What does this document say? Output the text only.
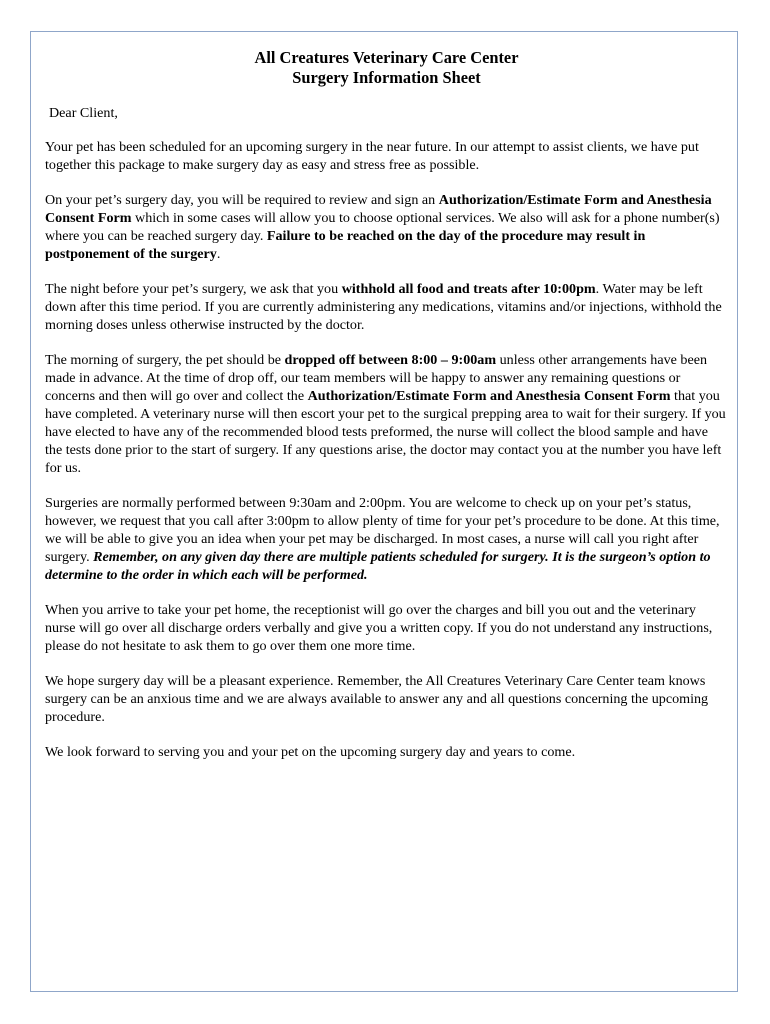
All Creatures Veterinary Care Center
Surgery Information Sheet

Dear Client,

Your pet has been scheduled for an upcoming surgery in the near future. In our attempt to assist clients, we have put together this package to make surgery day as easy and stress free as possible.

On your pet’s surgery day, you will be required to review and sign an Authorization/Estimate Form and Anesthesia Consent Form which in some cases will allow you to choose optional services. We also will ask for a phone number(s) where you can be reached surgery day. Failure to be reached on the day of the procedure may result in postponement of the surgery.

The night before your pet’s surgery, we ask that you withhold all food and treats after 10:00pm. Water may be left down after this time period. If you are currently administering any medications, vitamins and/or injections, withhold the morning doses unless otherwise instructed by the doctor.

The morning of surgery, the pet should be dropped off between 8:00 – 9:00am unless other arrangements have been made in advance. At the time of drop off, our team members will be happy to answer any remaining questions or concerns and then will go over and collect the Authorization/Estimate Form and Anesthesia Consent Form that you have completed. A veterinary nurse will then escort your pet to the surgical prepping area to wait for their surgery. If you have elected to have any of the recommended blood tests preformed, the nurse will collect the blood sample and have the tests done prior to the start of surgery. If any questions arise, the doctor may contact you at the number you have left for us.

Surgeries are normally performed between 9:30am and 2:00pm. You are welcome to check up on your pet’s status, however, we request that you call after 3:00pm to allow plenty of time for your pet’s procedure to be done. At this time, we will be able to give you an idea when your pet may be discharged. In most cases, a nurse will call you right after surgery. Remember, on any given day there are multiple patients scheduled for surgery. It is the surgeon’s option to determine to the order in which each will be performed.

When you arrive to take your pet home, the receptionist will go over the charges and bill you out and the veterinary nurse will go over all discharge orders verbally and give you a written copy. If you do not understand any instructions, please do not hesitate to ask them to go over them one more time.

We hope surgery day will be a pleasant experience. Remember, the All Creatures Veterinary Care Center team knows surgery can be an anxious time and we are always available to answer any and all questions concerning the upcoming procedure.

We look forward to serving you and your pet on the upcoming surgery day and years to come.
